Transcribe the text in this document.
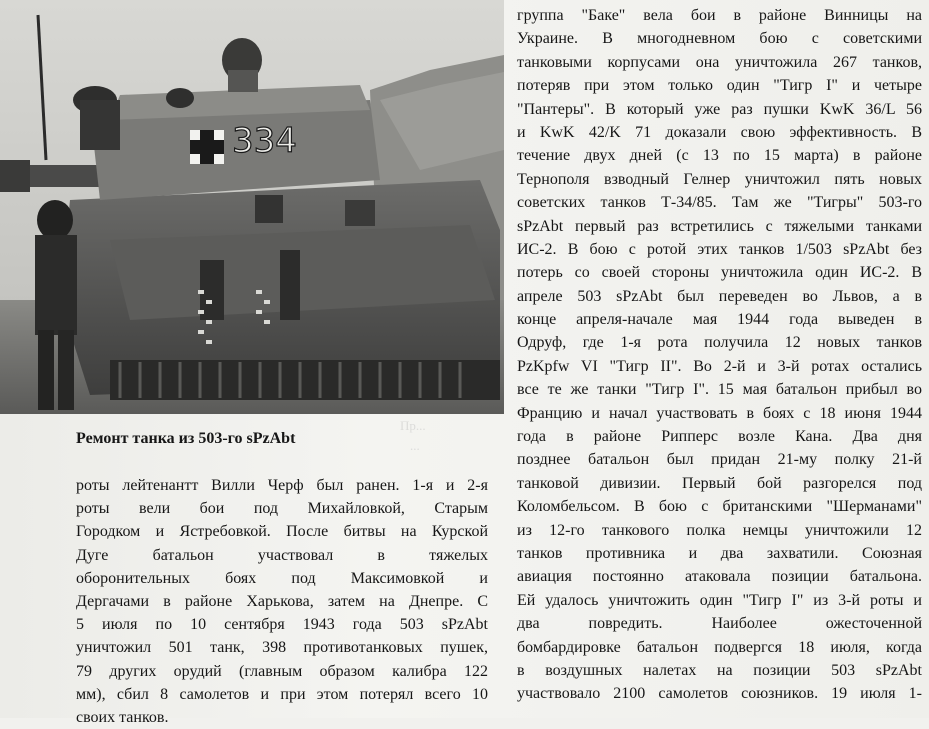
334
Пр...
...
Ремонт танка из 503-го sPzAbt
роты лейтенантт Вилли Черф был ранен. 1-я и 2-я
роты вели бои под Михайловкой, Старым
Городком и Ястребовкой. После битвы на Курской
Дуге батальон участвовал в тяжелых
оборонительных боях под Максимовкой и
Дергачами в районе Харькова, затем на Днепре. С
5 июля по 10 сентября 1943 года 503 sPzAbt
уничтожил 501 танк, 398 противотанковых пушек,
79 других орудий (главным образом калибра 122
мм), сбил 8 самолетов и при этом потерял всего 10
своих танков.
группа "Баке" вела бои в районе Винницы на
Украине. В многодневном бою с советскими
танковыми корпусами она уничтожила 267 танков,
потеряв при этом только один "Тигр I" и четыре
"Пантеры". В который уже раз пушки KwK 36/L 56
и KwK 42/K 71 доказали свою эффективность. В
течение двух дней (с 13 по 15 марта) в районе
Тернополя взводный Гелнер уничтожил пять новых
советских танков Т-34/85. Там же "Тигры" 503-го
sPzAbt первый раз встретились с тяжелыми танками
ИС-2. В бою с ротой этих танков 1/503 sPzAbt без
потерь со своей стороны уничтожила один ИС-2. В
апреле 503 sPzAbt был переведен во Львов, а в
конце апреля-начале мая 1944 года выведен в
Одруф, где 1-я рота получила 12 новых танков
PzKpfw VI "Тигр II". Во 2-й и 3-й ротах остались
все те же танки "Тигр I". 15 мая батальон прибыл во
Францию и начал участвовать в боях с 18 июня 1944
года в районе Рипперс возле Кана. Два дня
позднее батальон был придан 21-му полку 21-й
танковой дивизии. Первый бой разгорелся под
Коломбельсом. В бою с британскими "Шерманами"
из 12-го танкового полка немцы уничтожили 12
танков противника и два захватили. Союзная
авиация постоянно атаковала позиции батальона.
Ей удалось уничтожить один "Тигр I" из 3-й роты и
два повредить. Наиболее ожесточенной
бомбардировке батальон подвергся 18 июля, когда
в воздушных налетах на позиции 503 sPzAbt
участвовало 2100 самолетов союзников. 19 июля 1-
